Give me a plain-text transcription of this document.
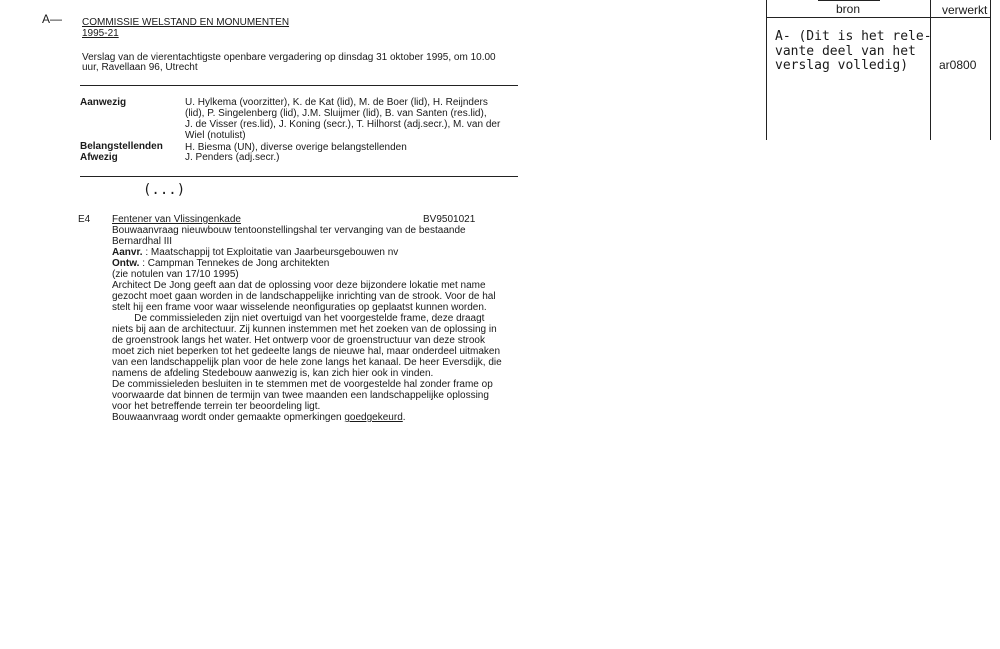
A— COMMISSIE WELSTAND EN MONUMENTEN
1995-21
Verslag van de vierentachtigste openbare vergadering op dinsdag 31 oktober 1995, om 10.00
uur, Ravellaan 96, Utrecht
Aanwezig	U. Hylkema (voorzitter), K. de Kat (lid), M. de Boer (lid), H. Reijnders
(lid), P. Singelenberg (lid), J.M. Sluijmer (lid), B. van Santen (res.lid),
J. de Visser (res.lid), J. Koning (secr.), T. Hilhorst (adj.secr.), M. van der
Wiel (notulist)
Belangstellenden H. Biesma (UN), diverse overige belangstellenden
Afwezig	J. Penders (adj.secr.)
(...)
E4 Fentener van Vlissingenkade	BV9501021
Bouwaanvraag nieuwbouw tentoonstellingshal ter vervanging van de bestaande
Bernardhal III
Aanvr. : Maatschappij tot Exploitatie van Jaarbeursgebouwen nv
Ontw. : Campman Tennekes de Jong architekten
(zie notulen van 17/10 1995)
Architect De Jong geeft aan dat de oplossing voor deze bijzondere lokatie met name
gezocht moet gaan worden in de landschappelijke inrichting van de strook. Voor de hal
stelt hij een frame voor waar wisselende neonfiguraties op geplaatst kunnen worden.
De commissieleden zijn niet overtuigd van het voorgestelde frame, deze draagt
niets bij aan de architectuur. Zij kunnen instemmen met het zoeken van de oplossing in
de groenstrook langs het water. Het ontwerp voor de groenstructuur van deze strook
moet zich niet beperken tot het gedeelte langs de nieuwe hal, maar onderdeel uitmaken
van een landschappelijk plan voor de hele zone langs het kanaal. De heer Eversdijk, die
namens de afdeling Stedebouw aanwezig is, kan zich hier ook in vinden.
De commissieleden besluiten in te stemmen met de voorgestelde hal zonder frame op
voorwaarde dat binnen de termijn van twee maanden een landschappelijke oplossing
voor het betreffende terrein ter beoordeling ligt.
Bouwaanvraag wordt onder gemaakte opmerkingen goedgekeurd.
bron	verwerkt
A- (Dit is het rele-
vante deel van het
verslag volledig)	ar0800
